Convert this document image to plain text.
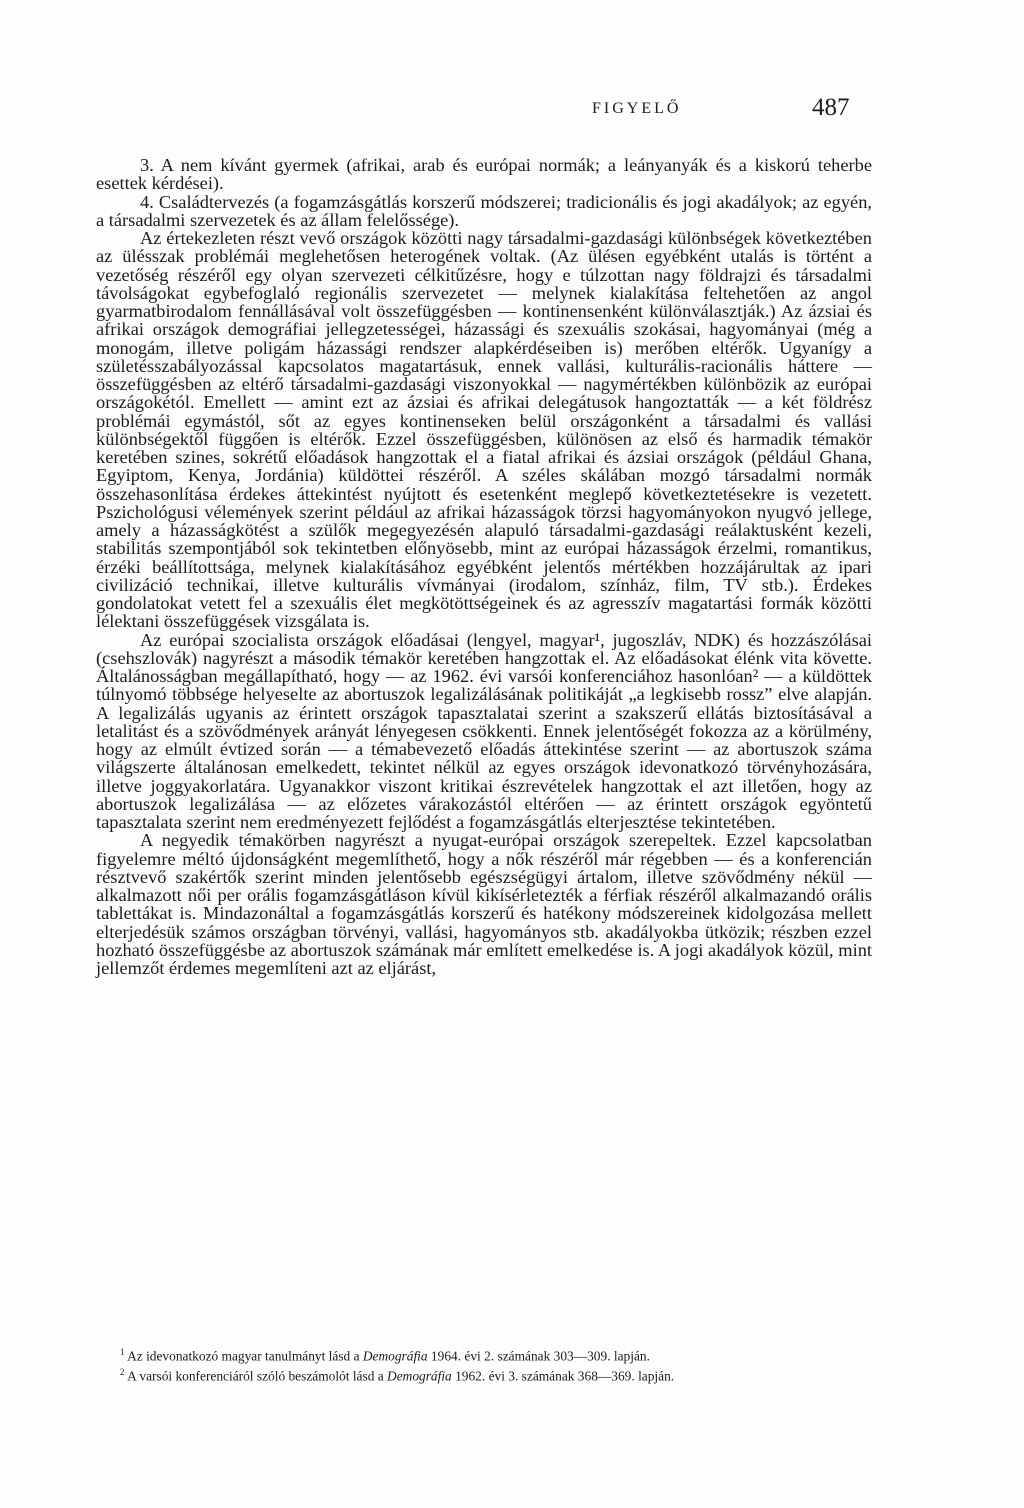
FIGYELŐ	487

3. A nem kívánt gyermek (afrikai, arab és európai normák; a leányanyák és a kiskorú teherbe esettek kérdései).

4. Családtervezés (a fogamzásgátlás korszerű módszerei; tradicionális és jogi akadályok; az egyén, a társadalmi szervezetek és az állam felelőssége).

Az értekezleten részt vevő országok közötti nagy társadalmi-gazdasági különbségek következtében az ülésszak problémái meglehetősen heterogének voltak. (Az ülésen egyébként utalás is történt a vezetőség részéről egy olyan szervezeti célkitűzésre, hogy e túlzottan nagy földrajzi és társadalmi távolságokat egybefoglaló regionális szervezetet — melynek kialakítása feltehetően az angol gyarmatbirodalom fennállásával volt összefüggésben — kontinensenként különválasztják.) Az ázsiai és afrikai országok demográfiai jellegzetességei, házassági és szexuális szokásai, hagyományai (még a monogám, illetve poligám házassági rendszer alapkérdéseiben is) merőben eltérők. Ugyanígy a születésszabályozással kapcsolatos magatartásuk, ennek vallási, kulturális-racionális háttere — összefüggésben az eltérő társadalmi-gazdasági viszonyokkal — nagymértékben különbözik az európai országokétól. Emellett — amint ezt az ázsiai és afrikai delegátusok hangoztatták — a két földrész problémái egymástól, sőt az egyes kontinenseken belül országonként a társadalmi és vallási különbségektől függően is eltérők. Ezzel összefüggésben, különösen az első és harmadik témakör keretében szines, sokrétű előadások hangzottak el a fiatal afrikai és ázsiai országok (például Ghana, Egyiptom, Kenya, Jordánia) küldöttei részéről. A széles skálában mozgó társadalmi normák összehasonlítása érdekes áttekintést nyújtott és esetenként meglepő következtetésekre is vezetett. Pszichológusi vélemények szerint például az afrikai házasságok törzsi hagyományokon nyugvó jellege, amely a házasságkötést a szülők megegyezésén alapuló társadalmi-gazdasági reálaktusként kezeli, stabilitás szempontjából sok tekintetben előnyösebb, mint az európai házasságok érzelmi, romantikus, érzéki beállítottsága, melynek kialakításához egyébként jelentős mértékben hozzájárultak az ipari civilizáció technikai, illetve kulturális vívmányai (irodalom, színház, film, TV stb.). Érdekes gondolatokat vetett fel a szexuális élet megkötöttségeinek és az agresszív magatartási formák közötti lélektani összefüggések vizsgálata is.

Az európai szocialista országok előadásai (lengyel, magyar¹, jugoszláv, NDK) és hozzászólásai (csehszlovák) nagyrészt a második témakör keretében hangzottak el. Az előadásokat élénk vita követte. Általánosságban megállapítható, hogy — az 1962. évi varsói konferenciához hasonlóan² — a küldöttek túlnyomó többsége helyeselte az abortuszok legalizálásának politikáját „a legkisebb rossz” elve alapján. A legalizálás ugyanis az érintett országok tapasztalatai szerint a szakszerű ellátás biztosításával a letalitást és a szövődmények arányát lényegesen csökkenti. Ennek jelentőségét fokozza az a körülmény, hogy az elmúlt évtized során — a témabevezető előadás áttekintése szerint — az abortuszok száma világszerte általánosan emelkedett, tekintet nélkül az egyes országok idevonatkozó törvényhozására, illetve joggyakorlatára. Ugyanakkor viszont kritikai észrevételek hangzottak el azt illetően, hogy az abortuszok legalizálása — az előzetes várakozástól eltérően — az érintett országok egyöntetű tapasztalata szerint nem eredményezett fejlődést a fogamzásgátlás elterjesztése tekintetében.

A negyedik témakörben nagyrészt a nyugat-európai országok szerepeltek. Ezzel kapcsolatban figyelemre méltó újdonságként megemlíthető, hogy a nők részéről már régebben — és a konferencián résztvevő szakértők szerint minden jelentősebb egészségügyi ártalom, illetve szövődmény nékül — alkalmazott női per orális fogamzásgátláson kívül kikísérletezték a férfiak részéről alkalmazandó orális tablettákat is. Mindazonáltal a fogamzásgátlás korszerű és hatékony módszereinek kidolgozása mellett elterjedésük számos országban törvényi, vallási, hagyományos stb. akadályokba ütközik; részben ezzel hozható összefüggésbe az abortuszok számának már említett emelkedése is. A jogi akadályok közül, mint jellemzőt érdemes megemlíteni azt az eljárást,

$^1$ Az idevonatkozó magyar tanulmányt lásd a Demográfia 1964. évi 2. számának 303—309. lapján.

$^2$ A varsói konferenciáról szóló beszámolót lásd a Demográfia 1962. évi 3. számának 368—369. lapján.
